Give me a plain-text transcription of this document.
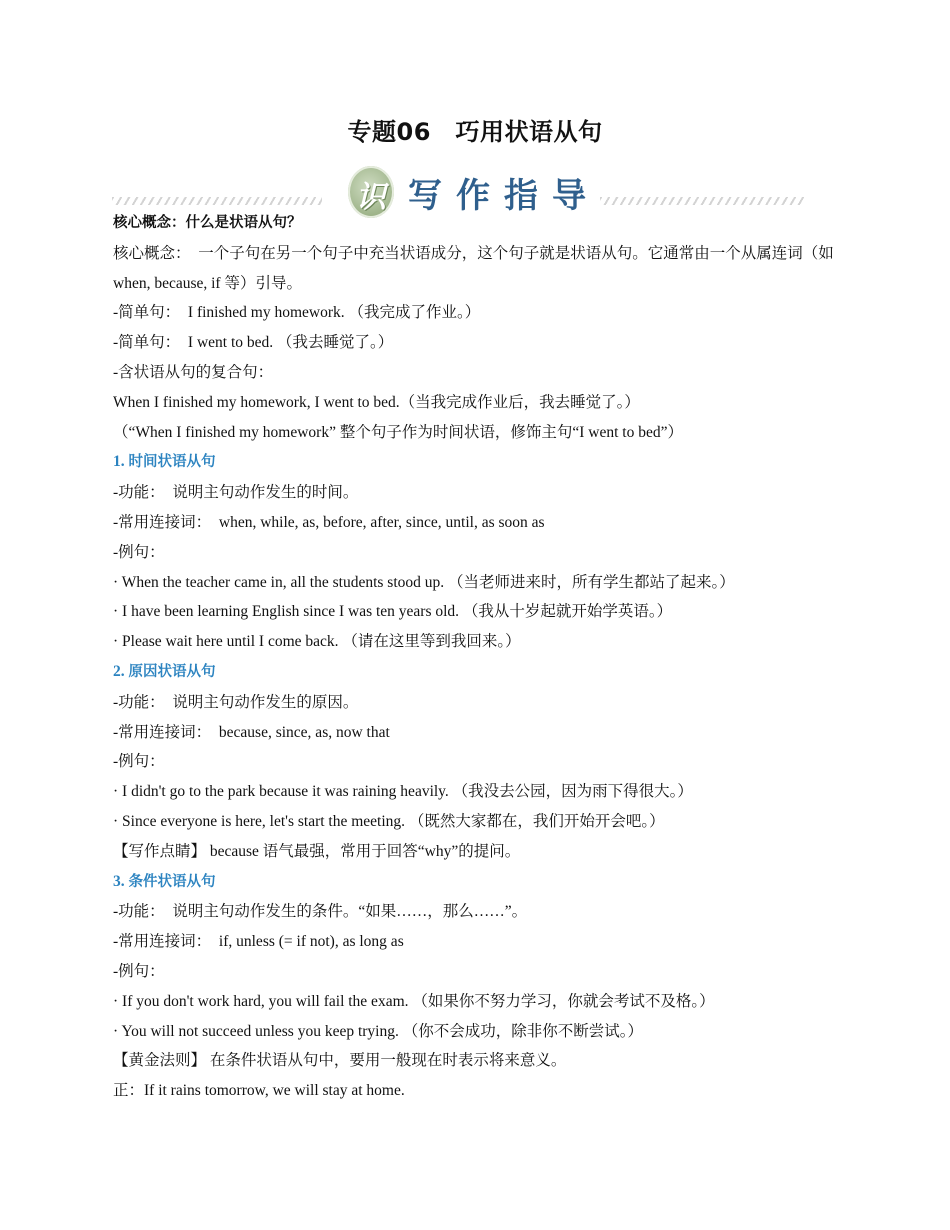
专题06　巧用状语从句
识 写作指导
核心概念：什么是状语从句？
核心概念：　一个子句在另一个句子中充当状语成分，这个句子就是状语从句。它通常由一个从属连词（如　when, because, if 等）引导。
-简单句：　I finished my homework. （我完成了作业。）
-简单句：　I went to bed. （我去睡觉了。）
-含状语从句的复合句：
When I finished my homework, I went to bed.（当我完成作业后，我去睡觉了。）
（“When I finished my homework” 整个句子作为时间状语，修饰主句“I went to bed”）
1. 时间状语从句
-功能：　说明主句动作发生的时间。
-常用连接词：　when, while, as, before, after, since, until, as soon as
-例句：
· When the teacher came in, all the students stood up. （当老师进来时，所有学生都站了起来。）
· I have been learning English since I was ten years old. （我从十岁起就开始学英语。）
· Please wait here until I come back. （请在这里等到我回来。）
2. 原因状语从句
-功能：　说明主句动作发生的原因。
-常用连接词：　because, since, as, now that
-例句：
· I didn't go to the park because it was raining heavily. （我没去公园，因为雨下得很大。）
· Since everyone is here, let's start the meeting. （既然大家都在，我们开始开会吧。）
【写作点睛】 because 语气最强，常用于回答“why”的提问。
3. 条件状语从句
-功能：　说明主句动作发生的条件。“如果……，那么……”。
-常用连接词：　if, unless (= if not), as long as
-例句：
· If you don't work hard, you will fail the exam. （如果你不努力学习，你就会考试不及格。）
· You will not succeed unless you keep trying. （你不会成功，除非你不断尝试。）
【黄金法则】 在条件状语从句中，要用一般现在时表示将来意义。
正：If it rains tomorrow, we will stay at home.
